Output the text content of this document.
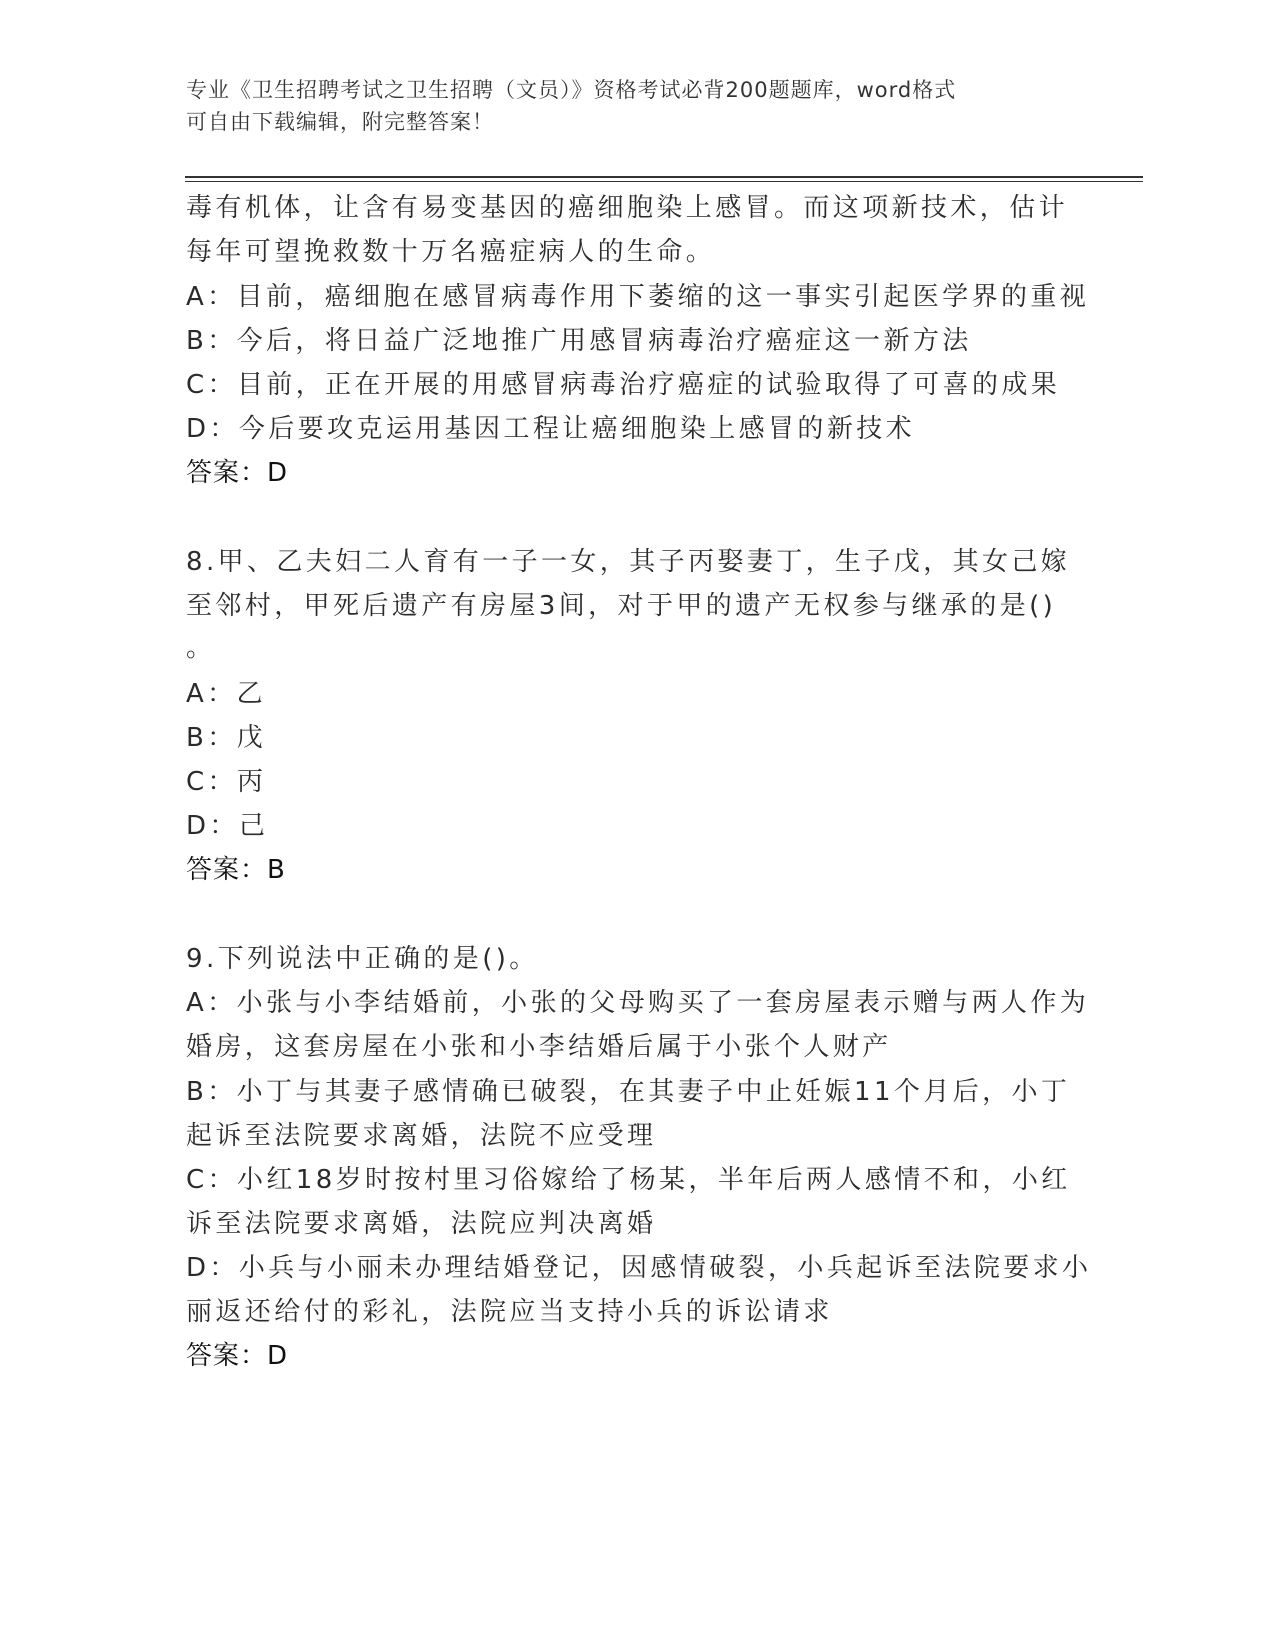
专业《卫生招聘考试之卫生招聘（文员）》资格考试必背200题题库，word格式
可自由下载编辑，附完整答案！
毒有机体，让含有易变基因的癌细胞染上感冒。而这项新技术，估计
每年可望挽救数十万名癌症病人的生命。
A：目前，癌细胞在感冒病毒作用下萎缩的这一事实引起医学界的重视
B：今后，将日益广泛地推广用感冒病毒治疗癌症这一新方法
C：目前，正在开展的用感冒病毒治疗癌症的试验取得了可喜的成果
D：今后要攻克运用基因工程让癌细胞染上感冒的新技术
答案：D
8.甲、乙夫妇二人育有一子一女，其子丙娶妻丁，生子戊，其女己嫁
至邻村，甲死后遗产有房屋3间，对于甲的遗产无权参与继承的是()
。
A：乙
B：戊
C：丙
D：己
答案：B
9.下列说法中正确的是()。
A：小张与小李结婚前，小张的父母购买了一套房屋表示赠与两人作为
婚房，这套房屋在小张和小李结婚后属于小张个人财产
B：小丁与其妻子感情确已破裂，在其妻子中止妊娠11个月后，小丁
起诉至法院要求离婚，法院不应受理
C：小红18岁时按村里习俗嫁给了杨某，半年后两人感情不和，小红
诉至法院要求离婚，法院应判决离婚
D：小兵与小丽未办理结婚登记，因感情破裂，小兵起诉至法院要求小
丽返还给付的彩礼，法院应当支持小兵的诉讼请求
答案：D
